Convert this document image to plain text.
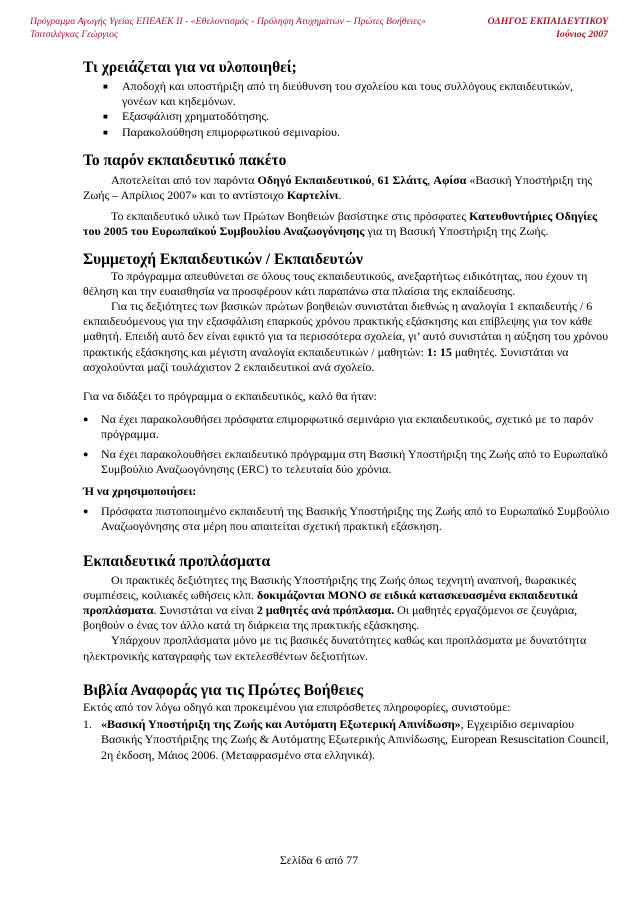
Πρόγραμμα Αγωγής Υγείας ΕΠΕΑΕΚ ΙΙ - «Εθελοντισμός - Πρόληψη Ατυχημάτων – Πρώτες Βοήθειες»	ΟΔΗΓΟΣ ΕΚΠΑΙΔΕΥΤΙΚΟΥ
Τσιτσιλέγκας Γεώργιος	Ιούνιος 2007
Τι χρειάζεται για να υλοποιηθεί;
■ Αποδοχή και υποστήριξη από τη διεύθυνση του σχολείου και τους συλλόγους εκπαιδευτικών, γονέων και κηδεμόνων.
■ Εξασφάλιση χρηματοδότησης.
■ Παρακολούθηση επιμορφωτικού σεμιναρίου.
Το παρόν εκπαιδευτικό πακέτο

Αποτελείται από τον παρόντα Οδηγό Εκπαιδευτικού, 61 Σλάιτς, Αφίσα «Βασική Υποστήριξη της Ζωής – Απρίλιος 2007» και το αντίστοιχο Καρτελίνι.

Το εκπαιδευτικό υλικό των Πρώτων Βοηθειών βασίστηκε στις πρόσφατες Κατευθυντήριες Οδηγίες του 2005 του Ευρωπαϊκού Συμβουλίου Αναζωογόνησης για τη Βασική Υποστήριξη της Ζωής.

Συμμετοχή Εκπαιδευτικών / Εκπαιδευτών

Το πρόγραμμα απευθύνεται σε όλους τους εκπαιδευτικούς, ανεξαρτήτως ειδικότητας, που έχουν τη θέληση και την ευαισθησία να προσφέρουν κάτι παραπάνω στα πλαίσια της εκπαίδευσης.

Για τις δεξιότητες των βασικών πρώτων βοηθειών συνιστάται διεθνώς η αναλογία 1 εκπαιδευτής / 6 εκπαιδευόμενους για την εξασφάλιση επαρκούς χρόνου πρακτικής εξάσκησης και επίβλεψης για τον κάθε μαθητή. Επειδή αυτό δεν είναι εφικτό για τα περισσότερα σχολεία, γι’ αυτό συνιστάται η αύξηση του χρόνου πρακτικής εξάσκησης και μέγιστη αναλογία εκπαιδευτικών / μαθητών: 1: 15 μαθητές. Συνιστάται να ασχολούνται μαζί τουλάχιστον 2 εκπαιδευτικοί ανά σχολείο.

Για να διδάξει το πρόγραμμα ο εκπαιδευτικός, καλό θα ήταν:

● Να έχει παρακολουθήσει πρόσφατα επιμορφωτικό σεμινάριο για εκπαιδευτικούς, σχετικό με το παρόν πρόγραμμα.
● Να έχει παρακολουθήσει εκπαιδευτικό πρόγραμμα στη Βασική Υποστήριξη της Ζωής από το Ευρωπαϊκό Συμβούλιο Αναζωογόνησης (ERC) το τελευταία δύο χρόνια.

Ή να χρησιμοποιήσει:

● Πρόσφατα πιστοποιημένο εκπαιδευτή της Βασικής Υποστήριξης της Ζωής από το Ευρωπαϊκό Συμβούλιο Αναζωογόνησης στα μέρη που απαιτείται σχετική πρακτική εξάσκηση.
Εκπαιδευτικά προπλάσματα

Οι πρακτικές δεξιότητες της Βασικής Υποστήριξης της Ζωής όπως τεχνητή αναπνοή, θωρακικές συμπιέσεις, κοιλιακές ωθήσεις κλπ. δοκιμάζονται ΜΟΝΟ σε ειδικά κατασκευασμένα εκπαιδευτικά προπλάσματα. Συνιστάται να είναι 2 μαθητές ανά πρόπλασμα. Οι μαθητές εργαζόμενοι σε ζευγάρια, βοηθούν ο ένας τον άλλο κατά τη διάρκεια της πρακτικής εξάσκησης.

Υπάρχουν προπλάσματα μόνο με τις βασικές δυνατότητες καθώς και προπλάσματα με δυνατότητα ηλεκτρονικής καταγραφής των εκτελεσθέντων δεξιοτήτων.

Βιβλία Αναφοράς για τις Πρώτες Βοήθειες

Εκτός από τον λόγω οδηγό και προκειμένου για επιπρόσθετες πληροφορίες, συνιστούμε:

1. «Βασική Υποστήριξη της Ζωής και Αυτόματη Εξωτερική Απινίδωση», Εγχειρίδιο σεμιναρίου Βασικής Υποστήριξης της Ζωής & Αυτόματης Εξωτερικής Απινίδωσης, European Resuscitation Council, 2η έκδοση, Μάιος 2006. (Μεταφρασμένο στα ελληνικά).
Σελίδα 6 από 77
